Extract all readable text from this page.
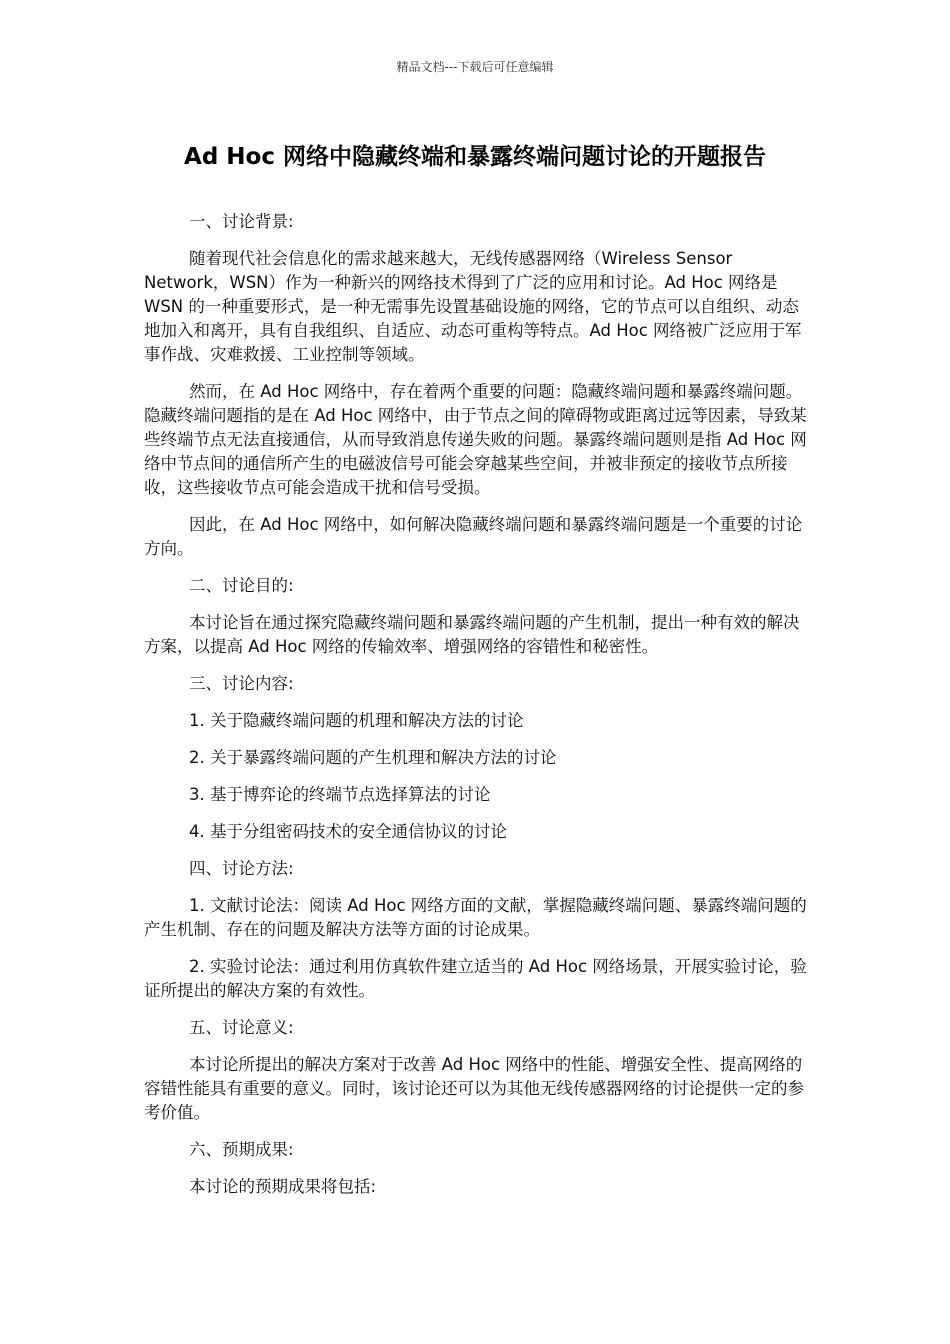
精品文档---下载后可任意编辑
Ad Hoc 网络中隐藏终端和暴露终端问题讨论的开题报告

一、讨论背景:

随着现代社会信息化的需求越来越大，无线传感器网络（Wireless Sensor Network，WSN）作为一种新兴的网络技术得到了广泛的应用和讨论。Ad Hoc 网络是 WSN 的一种重要形式，是一种无需事先设置基础设施的网络，它的节点可以自组织、动态地加入和离开，具有自我组织、自适应、动态可重构等特点。Ad Hoc 网络被广泛应用于军事作战、灾难救援、工业控制等领域。

然而，在 Ad Hoc 网络中，存在着两个重要的问题：隐藏终端问题和暴露终端问题。隐藏终端问题指的是在 Ad Hoc 网络中，由于节点之间的障碍物或距离过远等因素，导致某些终端节点无法直接通信，从而导致消息传递失败的问题。暴露终端问题则是指 Ad Hoc 网络中节点间的通信所产生的电磁波信号可能会穿越某些空间，并被非预定的接收节点所接收，这些接收节点可能会造成干扰和信号受损。

因此，在 Ad Hoc 网络中，如何解决隐藏终端问题和暴露终端问题是一个重要的讨论方向。

二、讨论目的:

本讨论旨在通过探究隐藏终端问题和暴露终端问题的产生机制，提出一种有效的解决方案，以提高 Ad Hoc 网络的传输效率、增强网络的容错性和秘密性。

三、讨论内容:

1. 关于隐藏终端问题的机理和解决方法的讨论

2. 关于暴露终端问题的产生机理和解决方法的讨论

3. 基于博弈论的终端节点选择算法的讨论

4. 基于分组密码技术的安全通信协议的讨论

四、讨论方法:

1. 文献讨论法：阅读 Ad Hoc 网络方面的文献，掌握隐藏终端问题、暴露终端问题的产生机制、存在的问题及解决方法等方面的讨论成果。

2. 实验讨论法：通过利用仿真软件建立适当的 Ad Hoc 网络场景，开展实验讨论，验证所提出的解决方案的有效性。

五、讨论意义:

本讨论所提出的解决方案对于改善 Ad Hoc 网络中的性能、增强安全性、提高网络的容错性能具有重要的意义。同时，该讨论还可以为其他无线传感器网络的讨论提供一定的参考价值。

六、预期成果:

本讨论的预期成果将包括:
